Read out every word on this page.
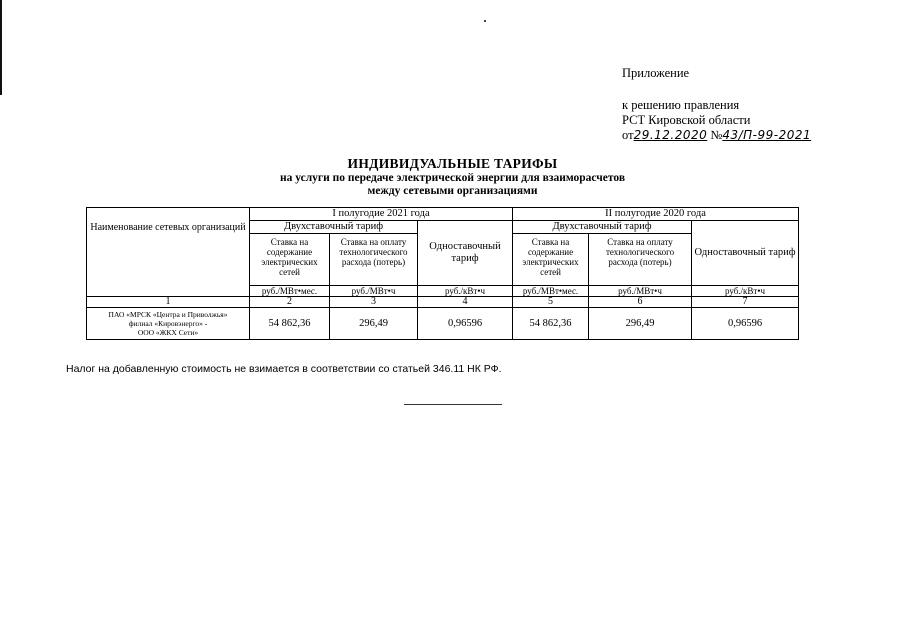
Приложение
к решению правления
РСТ Кировской области
от29.12.2020 №43/П-99-2021
ИНДИВИДУАЛЬНЫЕ ТАРИФЫ
на услуги по передаче электрической энергии для взаиморасчетов
между сетевыми организациями
Наименование сетевых организаций	I полугодие 2021 года			II полугодие 2020 года		
	Двухставочный тариф		Одноставочный тариф	Двухставочный тариф		Одноставочный тариф
	Ставка на содержание электрических сетей	Ставка на оплату технологического расхода (потерь)		Ставка на содержание электрических сетей	Ставка на оплату технологического расхода (потерь)	
	руб./МВт•мес.	руб./МВт•ч	руб./кВт•ч	руб./МВт•мес.	руб./МВт•ч	руб./кВт•ч
1	2	3	4	5	6	7

ПАО «МРСК «Центра и Приволжья»
филиал «Кировэнерго» -
ООО «ЖКХ Сети»	54 862,36	296,49	0,96596	54 862,36	296,49	0,96596
Налог на добавленную стоимость не взимается в соответствии со статьей 346.11 НК РФ.
